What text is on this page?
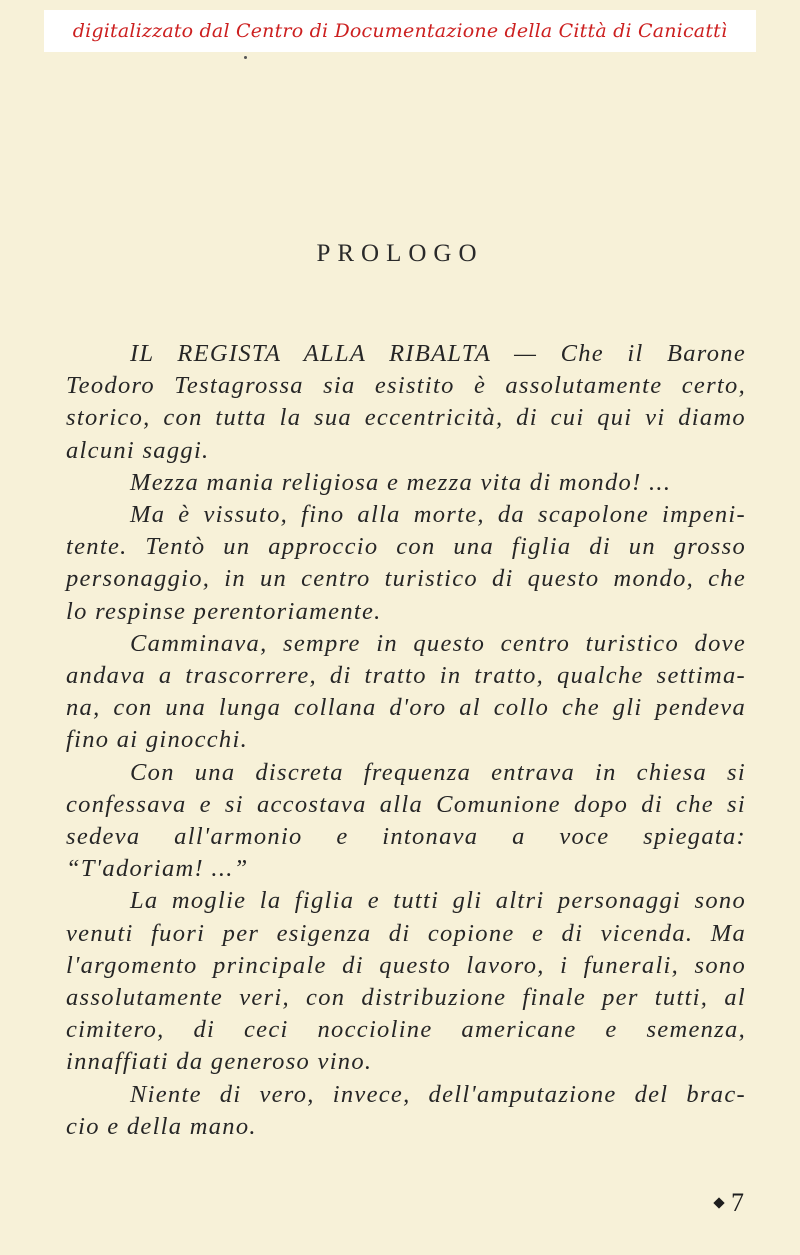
digitalizzato dal Centro di Documentazione della Città di Canicattì
PROLOGO
IL REGISTA ALLA RIBALTA — Che il Barone
Teodoro Testagrossa sia esistito è assolutamente certo,
storico, con tutta la sua eccentricità, di cui qui vi diamo
alcuni saggi.
Mezza mania religiosa e mezza vita di mondo! ...
Ma è vissuto, fino alla morte, da scapolone impeni-
tente. Tentò un approccio con una figlia di un grosso
personaggio, in un centro turistico di questo mondo, che
lo respinse perentoriamente.
Camminava, sempre in questo centro turistico dove
andava a trascorrere, di tratto in tratto, qualche settima-
na, con una lunga collana d'oro al collo che gli pendeva
fino ai ginocchi.
Con una discreta frequenza entrava in chiesa si
confessava e si accostava alla Comunione dopo di che si
sedeva all'armonio e intonava a voce spiegata:
“T'adoriam! ...”
La moglie la figlia e tutti gli altri personaggi sono
venuti fuori per esigenza di copione e di vicenda. Ma
l'argomento principale di questo lavoro, i funerali, sono
assolutamente veri, con distribuzione finale per tutti, al
cimitero, di ceci noccioline americane e semenza,
innaffiati da generoso vino.
Niente di vero, invece, dell'amputazione del brac-
cio e della mano.
7
